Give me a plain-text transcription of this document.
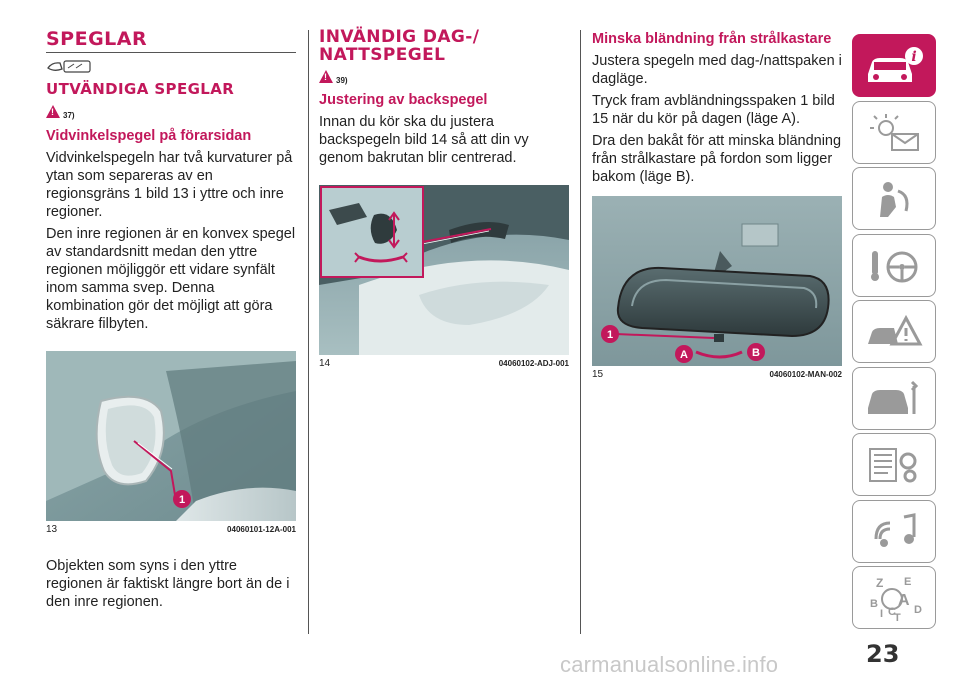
SPEGLAR
UTVÄNDIGA SPEGLAR
!
37)
Vidvinkelspegel på förarsidan
Vidvinkelspegeln har två kurvaturer på ytan som separeras av en regionsgräns 1 bild 13 i yttre och inre regioner.
Den inre regionen är en konvex spegel av standardsnitt medan den yttre regionen möjliggör ett vidare synfält inom samma svep. Denna kombination gör det möjligt att göra säkrare filbyten.
1
13	04060101-12A-001
Objekten som syns i den yttre regionen är faktiskt längre bort än de i den inre regionen.
INVÄNDIG DAG-/ NATTSPEGEL
!
39)
Justering av backspegel
Innan du kör ska du justera backspegeln bild 14 så att din vy genom bakrutan blir centrerad.
14	04060102-ADJ-001
Minska bländning från strålkastare
Justera spegeln med dag-/nattspaken i dagläge.
Tryck fram avbländningsspaken 1 bild 15 när du kör på dagen (läge A).
Dra den bakåt för att minska bländning från strålkastare på fordon som ligger bakom (läge B).
1
A	B
15	04060102-MAN-002
i
Z E
B A
D
I C
T
23
carmanualsonline.info
